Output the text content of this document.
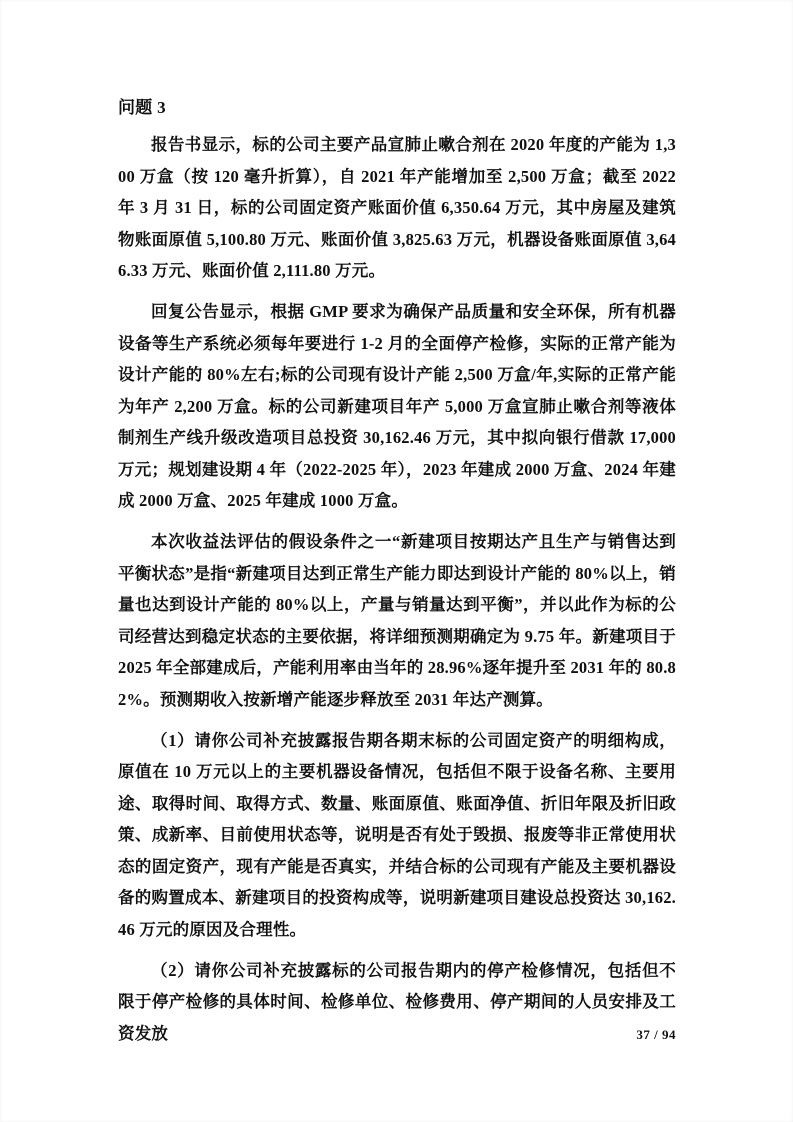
问题 3

报告书显示，标的公司主要产品宣肺止嗽合剂在 2020 年度的产能为 1,300 万盒（按 120 毫升折算），自 2021 年产能增加至 2,500 万盒；截至 2022 年 3 月 31 日，标的公司固定资产账面价值 6,350.64 万元，其中房屋及建筑物账面原值 5,100.80 万元、账面价值 3,825.63 万元，机器设备账面原值 3,646.33 万元、账面价值 2,111.80 万元。

回复公告显示，根据 GMP 要求为确保产品质量和安全环保，所有机器设备等生产系统必须每年要进行 1-2 月的全面停产检修，实际的正常产能为设计产能的 80%左右;标的公司现有设计产能 2,500 万盒/年,实际的正常产能为年产 2,200 万盒。标的公司新建项目年产 5,000 万盒宣肺止嗽合剂等液体制剂生产线升级改造项目总投资 30,162.46 万元，其中拟向银行借款 17,000 万元；规划建设期 4 年（2022-2025 年），2023 年建成 2000 万盒、2024 年建成 2000 万盒、2025 年建成 1000 万盒。

本次收益法评估的假设条件之一“新建项目按期达产且生产与销售达到平衡状态”是指“新建项目达到正常生产能力即达到设计产能的 80%以上，销量也达到设计产能的 80%以上，产量与销量达到平衡”，并以此作为标的公司经营达到稳定状态的主要依据，将详细预测期确定为 9.75 年。新建项目于 2025 年全部建成后，产能利用率由当年的 28.96%逐年提升至 2031 年的 80.82%。预测期收入按新增产能逐步释放至 2031 年达产测算。

（1）请你公司补充披露报告期各期末标的公司固定资产的明细构成，原值在 10 万元以上的主要机器设备情况，包括但不限于设备名称、主要用途、取得时间、取得方式、数量、账面原值、账面净值、折旧年限及折旧政策、成新率、目前使用状态等，说明是否有处于毁损、报废等非正常使用状态的固定资产，现有产能是否真实，并结合标的公司现有产能及主要机器设备的购置成本、新建项目的投资构成等，说明新建项目建设总投资达 30,162.46 万元的原因及合理性。

（2）请你公司补充披露标的公司报告期内的停产检修情况，包括但不限于停产检修的具体时间、检修单位、检修费用、停产期间的人员安排及工资发放	37 / 94
